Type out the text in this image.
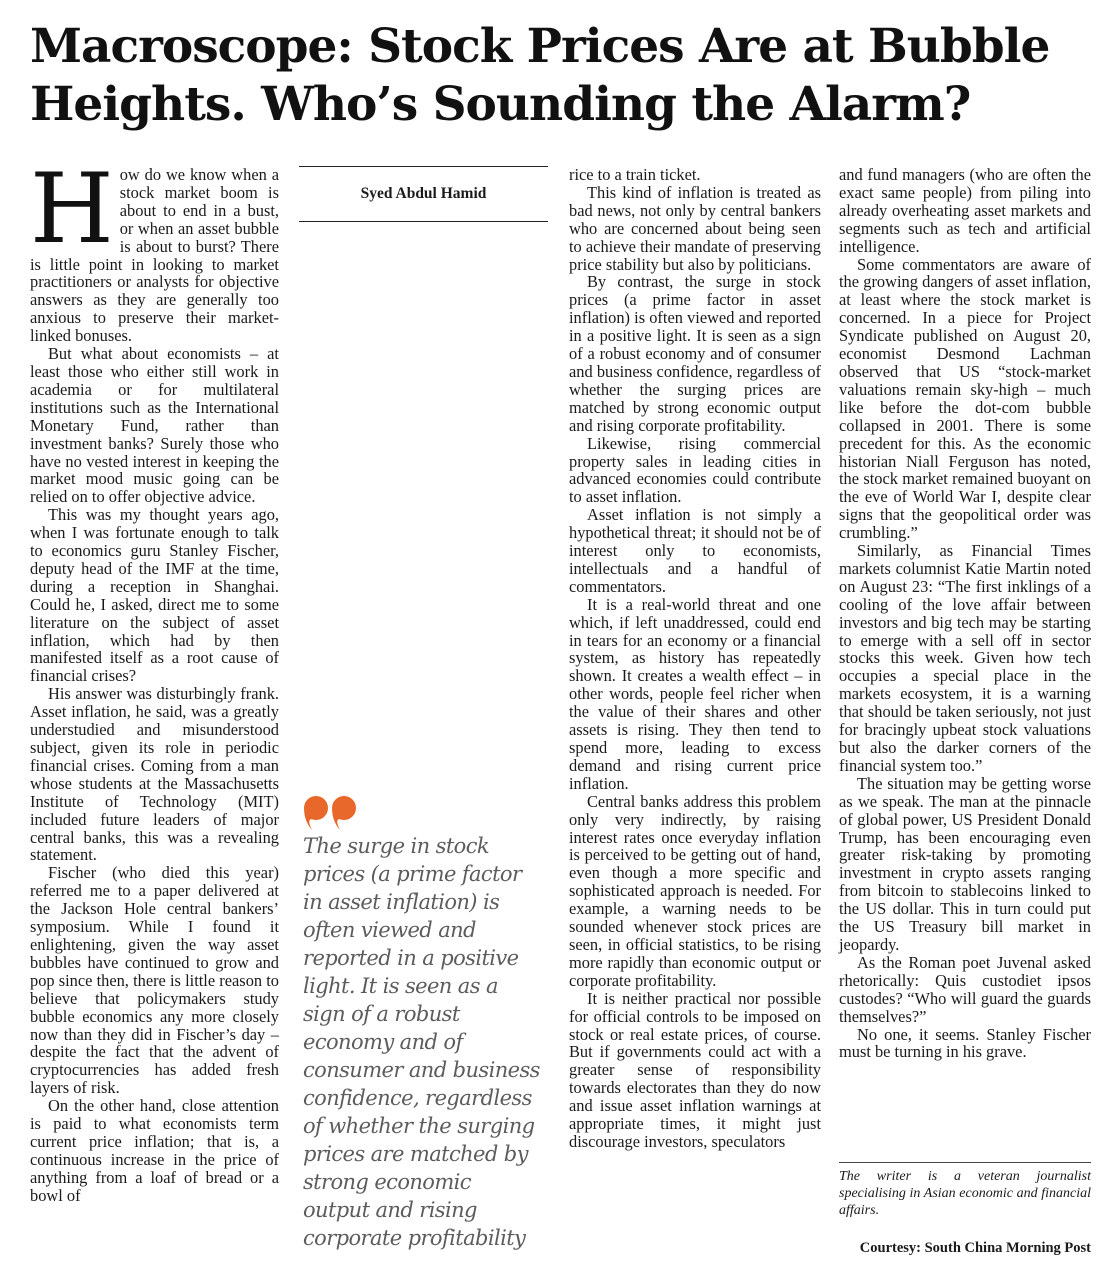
Macroscope: Stock Prices Are at Bubble Heights. Who’s Sounding the Alarm?
H ow do we know when a stock market boom is about to end in a bust, or when an asset bubble is about to burst? There is little point in looking to market practitioners or analysts for objective answers as they are generally too anxious to preserve their market-linked bonuses.

But what about economists – at least those who either still work in academia or for multilateral institutions such as the International Monetary Fund, rather than investment banks? Surely those who have no vested interest in keeping the market mood music going can be relied on to offer objective advice.

This was my thought years ago, when I was fortunate enough to talk to economics guru Stanley Fischer, deputy head of the IMF at the time, during a reception in Shanghai. Could he, I asked, direct me to some literature on the subject of asset inflation, which had by then manifested itself as a root cause of financial crises?

His answer was disturbingly frank. Asset inflation, he said, was a greatly understudied and misunderstood subject, given its role in periodic financial crises. Coming from a man whose students at the Massachusetts Institute of Technology (MIT) included future leaders of major central banks, this was a revealing statement.

Fischer (who died this year) referred me to a paper delivered at the Jackson Hole central bankers’ symposium. While I found it enlightening, given the way asset bubbles have continued to grow and pop since then, there is little reason to believe that policymakers study bubble economics any more closely now than they did in Fischer’s day – despite the fact that the advent of cryptocurrencies has added fresh layers of risk.

On the other hand, close attention is paid to what economists term current price inflation; that is, a continuous increase in the price of anything from a loaf of bread or a bowl of

Syed Abdul Hamid

The surge in stock prices (a prime factor in asset inflation) is often viewed and reported in a positive light. It is seen as a sign of a robust economy and of consumer and business confidence, regardless of whether the surging prices are matched by strong economic output and rising corporate profitability

rice to a train ticket.

This kind of inflation is treated as bad news, not only by central bankers who are concerned about being seen to achieve their mandate of preserving price stability but also by politicians.

By contrast, the surge in stock prices (a prime factor in asset inflation) is often viewed and reported in a positive light. It is seen as a sign of a robust economy and of consumer and business confidence, regardless of whether the surging prices are matched by strong economic output and rising corporate profitability.

Likewise, rising commercial property sales in leading cities in advanced economies could contribute to asset inflation.

Asset inflation is not simply a hypothetical threat; it should not be of interest only to economists, intellectuals and a handful of commentators.

It is a real-world threat and one which, if left unaddressed, could end in tears for an economy or a financial system, as history has repeatedly shown. It creates a wealth effect – in other words, people feel richer when the value of their shares and other assets is rising. They then tend to spend more, leading to excess demand and rising current price inflation.

Central banks address this problem only very indirectly, by raising interest rates once everyday inflation is perceived to be getting out of hand, even though a more specific and sophisticated approach is needed. For example, a warning needs to be sounded whenever stock prices are seen, in official statistics, to be rising more rapidly than economic output or corporate profitability.

It is neither practical nor possible for official controls to be imposed on stock or real estate prices, of course. But if governments could act with a greater sense of responsibility towards electorates than they do now and issue asset inflation warnings at appropriate times, it might just discourage investors, speculators

and fund managers (who are often the exact same people) from piling into already overheating asset markets and segments such as tech and artificial intelligence.

Some commentators are aware of the growing dangers of asset inflation, at least where the stock market is concerned. In a piece for Project Syndicate published on August 20, economist Desmond Lachman observed that US “stock-market valuations remain sky-high – much like before the dot-com bubble collapsed in 2001. There is some precedent for this. As the economic historian Niall Ferguson has noted, the stock market remained buoyant on the eve of World War I, despite clear signs that the geopolitical order was crumbling.”

Similarly, as Financial Times markets columnist Katie Martin noted on August 23: “The first inklings of a cooling of the love affair between investors and big tech may be starting to emerge with a sell off in sector stocks this week. Given how tech occupies a special place in the markets ecosystem, it is a warning that should be taken seriously, not just for bracingly upbeat stock valuations but also the darker corners of the financial system too.”

The situation may be getting worse as we speak. The man at the pinnacle of global power, US President Donald Trump, has been encouraging even greater risk-taking by promoting investment in crypto assets ranging from bitcoin to stablecoins linked to the US dollar. This in turn could put the US Treasury bill market in jeopardy.

As the Roman poet Juvenal asked rhetorically: Quis custodiet ipsos custodes? “Who will guard the guards themselves?”

No one, it seems. Stanley Fischer must be turning in his grave.

The writer is a veteran journalist specialising in Asian economic and financial affairs.

Courtesy: South China Morning Post
